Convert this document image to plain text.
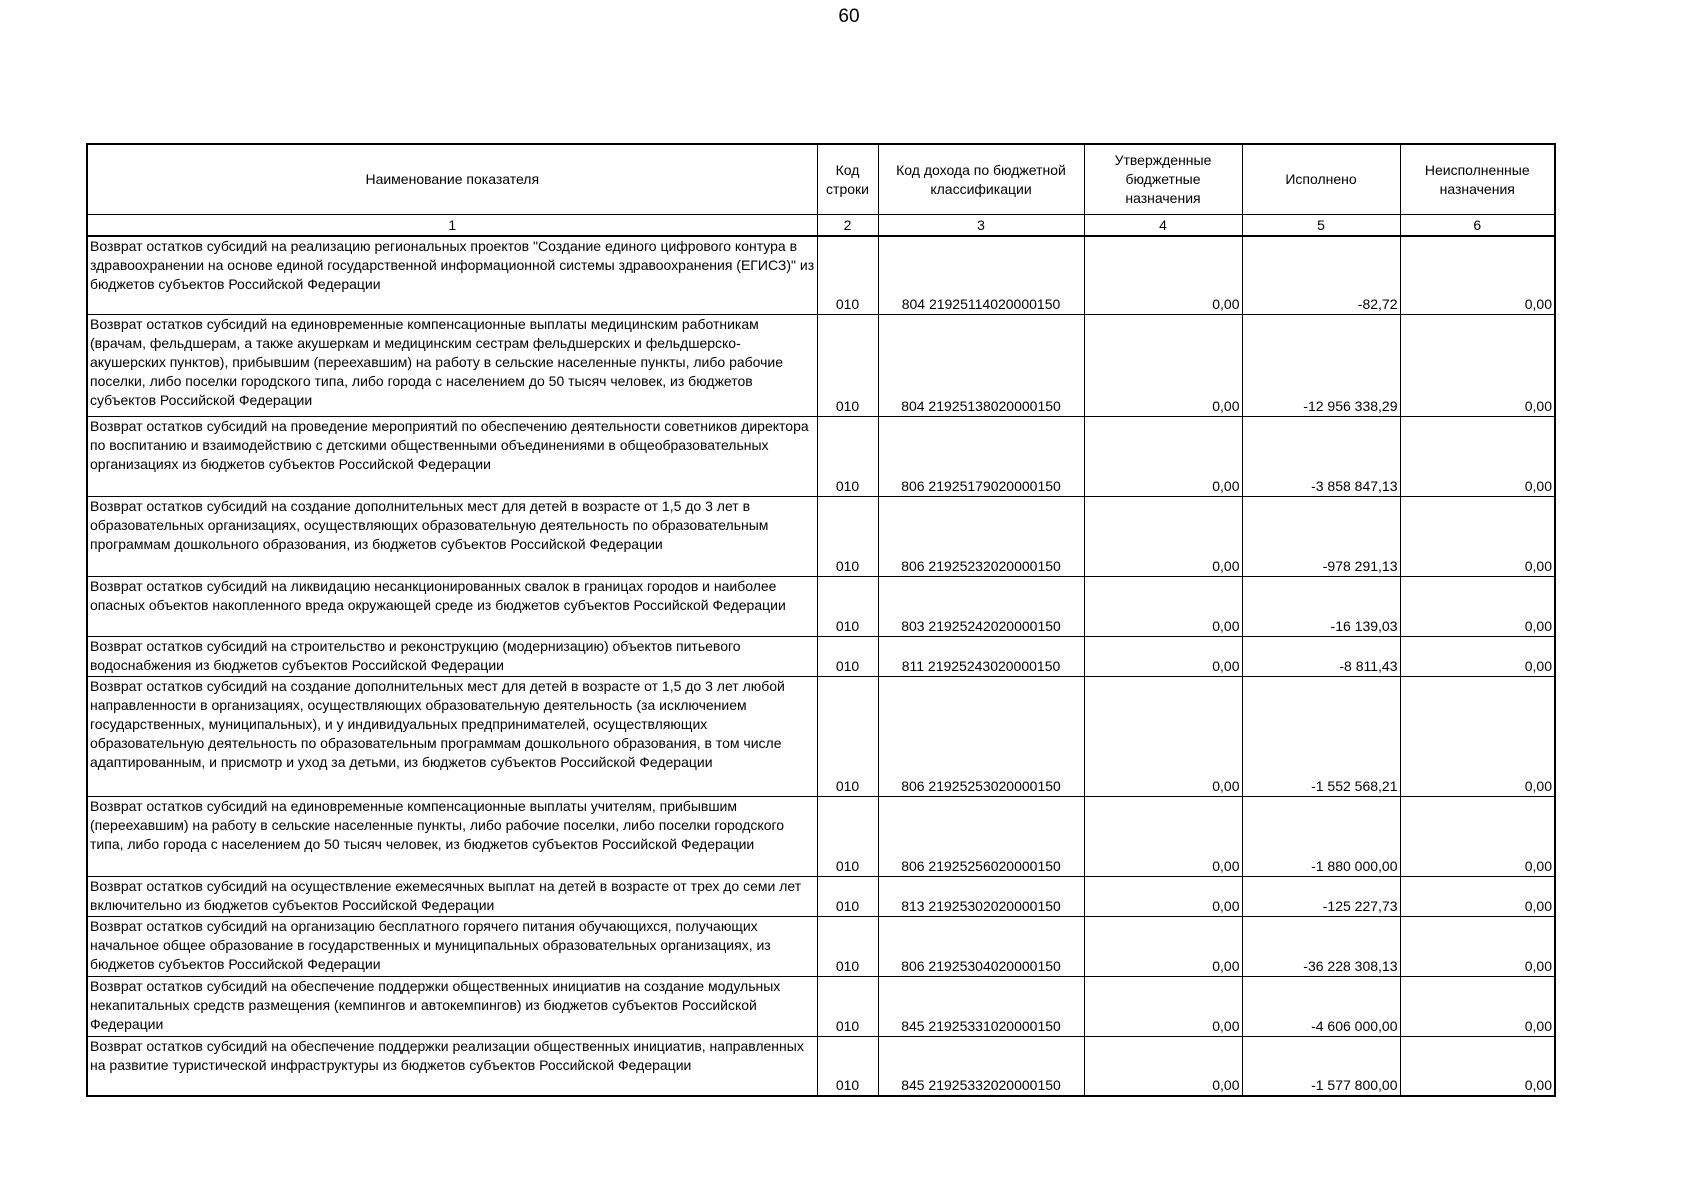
60
Наименование показателя	Код строки	Код дохода по бюджетной классификации	Утвержденные бюджетные назначения	Исполнено	Неисполненные назначения
1	2	3	4	5	6
Возврат остатков субсидий на реализацию региональных проектов "Создание единого цифрового контура в здравоохранении на основе единой государственной информационной системы здравоохранения (ЕГИСЗ)" из бюджетов субъектов Российской Федерации	010	804 21925114020000150	0,00	-82,72	0,00
Возврат остатков субсидий на единовременные компенсационные выплаты медицинским работникам (врачам, фельдшерам, а также акушеркам и медицинским сестрам фельдшерских и фельдшерско-акушерских пунктов), прибывшим (переехавшим) на работу в сельские населенные пункты, либо рабочие поселки, либо поселки городского типа, либо города с населением до 50 тысяч человек, из бюджетов субъектов Российской Федерации	010	804 21925138020000150	0,00	-12 956 338,29	0,00
Возврат остатков субсидий на проведение мероприятий по обеспечению деятельности советников директора по воспитанию и взаимодействию с детскими общественными объединениями в общеобразовательных организациях из бюджетов субъектов Российской Федерации	010	806 21925179020000150	0,00	-3 858 847,13	0,00
Возврат остатков субсидий на создание дополнительных мест для детей в возрасте от 1,5 до 3 лет в образовательных организациях, осуществляющих образовательную деятельность по образовательным программам дошкольного образования, из бюджетов субъектов Российской Федерации	010	806 21925232020000150	0,00	-978 291,13	0,00
Возврат остатков субсидий на ликвидацию несанкционированных свалок в границах городов и наиболее опасных объектов накопленного вреда окружающей среде из бюджетов субъектов Российской Федерации	010	803 21925242020000150	0,00	-16 139,03	0,00
Возврат остатков субсидий на строительство и реконструкцию (модернизацию) объектов питьевого водоснабжения из бюджетов субъектов Российской Федерации	010	811 21925243020000150	0,00	-8 811,43	0,00
Возврат остатков субсидий на создание дополнительных мест для детей в возрасте от 1,5 до 3 лет любой направленности в организациях, осуществляющих образовательную деятельность (за исключением государственных, муниципальных), и у индивидуальных предпринимателей, осуществляющих образовательную деятельность по образовательным программам дошкольного образования, в том числе адаптированным, и присмотр и уход за детьми, из бюджетов субъектов Российской Федерации	010	806 21925253020000150	0,00	-1 552 568,21	0,00
Возврат остатков субсидий на единовременные компенсационные выплаты учителям, прибывшим (переехавшим) на работу в сельские населенные пункты, либо рабочие поселки, либо поселки городского типа, либо города с населением до 50 тысяч человек, из бюджетов субъектов Российской Федерации	010	806 21925256020000150	0,00	-1 880 000,00	0,00
Возврат остатков субсидий на осуществление ежемесячных выплат на детей в возрасте от трех до семи лет включительно из бюджетов субъектов Российской Федерации	010	813 21925302020000150	0,00	-125 227,73	0,00
Возврат остатков субсидий на организацию бесплатного горячего питания обучающихся, получающих начальное общее образование в государственных и муниципальных образовательных организациях, из бюджетов субъектов Российской Федерации	010	806 21925304020000150	0,00	-36 228 308,13	0,00
Возврат остатков субсидий на обеспечение поддержки общественных инициатив на создание модульных некапитальных средств размещения (кемпингов и автокемпингов) из бюджетов субъектов Российской Федерации	010	845 21925331020000150	0,00	-4 606 000,00	0,00
Возврат остатков субсидий на обеспечение поддержки реализации общественных инициатив, направленных на развитие туристической инфраструктуры из бюджетов субъектов Российской Федерации	010	845 21925332020000150	0,00	-1 577 800,00	0,00
